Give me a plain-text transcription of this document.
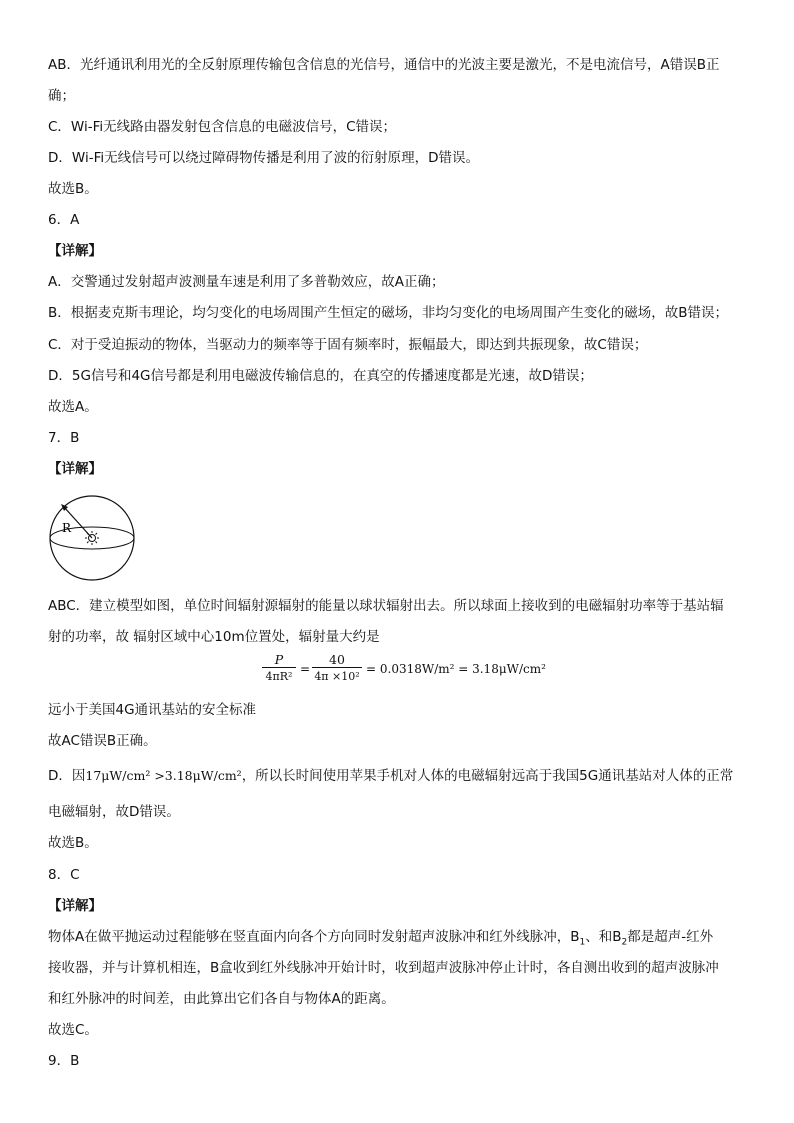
AB．光纤通讯利用光的全反射原理传输包含信息的光信号，通信中的光波主要是激光，不是电流信号，A错误B正
确；
C．Wi-Fi无线路由器发射包含信息的电磁波信号，C错误；
D．Wi-Fi无线信号可以绕过障碍物传播是利用了波的衍射原理，D错误。
故选B。
6．A
【详解】
A．交警通过发射超声波测量车速是利用了多普勒效应，故A正确；
B．根据麦克斯韦理论，均匀变化的电场周围产生恒定的磁场，非均匀变化的电场周围产生变化的磁场，故B错误；
C．对于受迫振动的物体，当驱动力的频率等于固有频率时，振幅最大，即达到共振现象，故C错误；
D．5G信号和4G信号都是利用电磁波传输信息的，在真空的传播速度都是光速，故D错误；
故选A。
7．B
【详解】
R
ABC．建立模型如图，单位时间辐射源辐射的能量以球状辐射出去。所以球面上接收到的电磁辐射功率等于基站辐
射的功率，故 辐射区域中心10m位置处，辐射量大约是
$\frac{P}{\text{4πR²}} = \frac{40}{\text{4π ×10²}} = 0.0318W/m^2 = 3.18\mu W/cm^2$
远小于美国4G通讯基站的安全标准
故AC错误B正确。
D．因17μW/cm² >3.18μW/cm²，所以长时间使用苹果手机对人体的电磁辐射远高于我国5G通讯基站对人体的正常
电磁辐射，故D错误。
故选B。
8．C
【详解】
物体A在做平抛运动过程能够在竖直面内向各个方向同时发射超声波脉冲和红外线脉冲，$B_1$、和$B_2$都是超声-红外
接收器，并与计算机相连，B盒收到红外线脉冲开始计时，收到超声波脉冲停止计时，各自测出收到的超声波脉冲
和红外脉冲的时间差，由此算出它们各自与物体A的距离。
故选C。
9．B
